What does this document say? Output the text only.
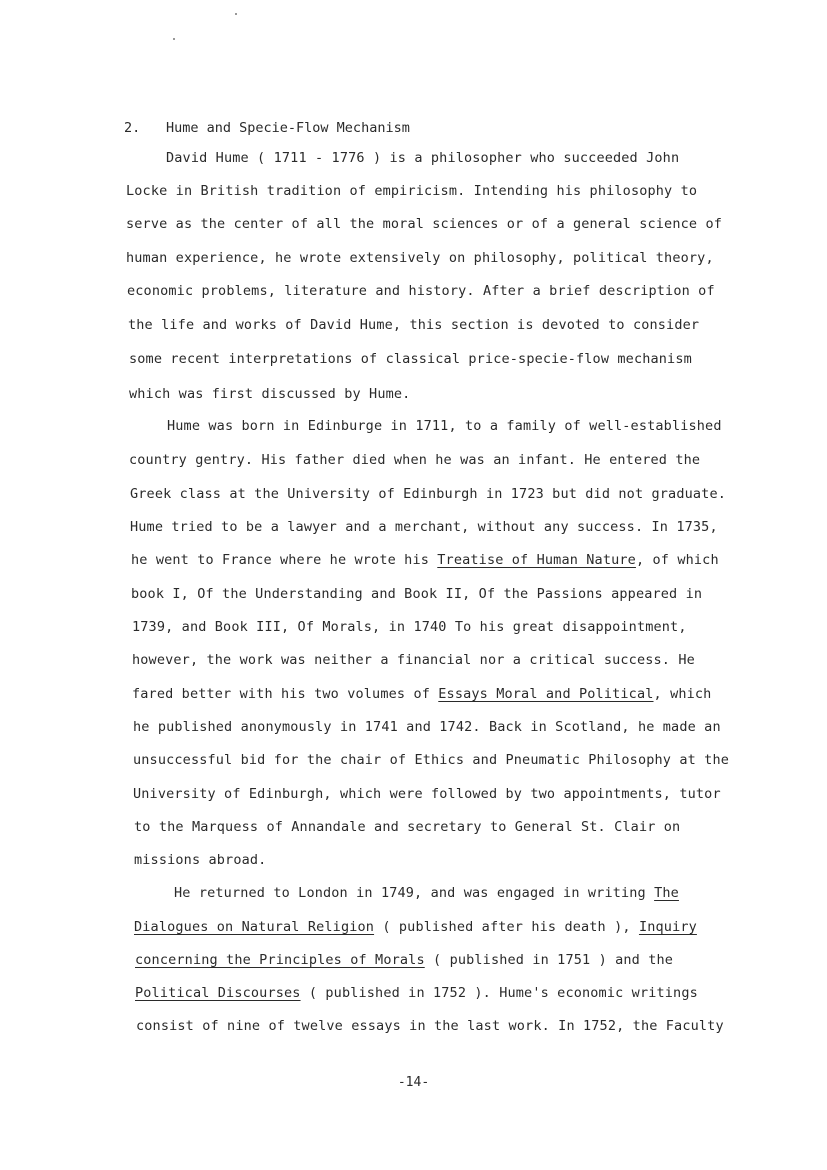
2. Hume and Specie-Flow Mechanism
David Hume ( 1711 - 1776 ) is a philosopher who succeeded John
Locke in British tradition of empiricism. Intending his philosophy to
serve as the center of all the moral sciences or of a general science of
human experience, he wrote extensively on philosophy, political theory,
economic problems, literature and history. After a brief description of
the life and works of David Hume, this section is devoted to consider
some recent interpretations of classical price-specie-flow mechanism
which was first discussed by Hume.
Hume was born in Edinburge in 1711, to a family of well-established
country gentry. His father died when he was an infant. He entered the
Greek class at the University of Edinburgh in 1723 but did not graduate.
Hume tried to be a lawyer and a merchant, without any success. In 1735,
he went to France where he wrote his Treatise of Human Nature, of which
book I, Of the Understanding and Book II, Of the Passions appeared in
1739, and Book III, Of Morals, in 1740 To his great disappointment,
however, the work was neither a financial nor a critical success. He
fared better with his two volumes of Essays Moral and Political, which
he published anonymously in 1741 and 1742. Back in Scotland, he made an
unsuccessful bid for the chair of Ethics and Pneumatic Philosophy at the
University of Edinburgh, which were followed by two appointments, tutor
to the Marquess of Annandale and secretary to General St. Clair on
missions abroad.
He returned to London in 1749, and was engaged in writing The
Dialogues on Natural Religion ( published after his death ), Inquiry
concerning the Principles of Morals ( published in 1751 ) and the
Political Discourses ( published in 1752 ). Hume's economic writings
consist of nine of twelve essays in the last work. In 1752, the Faculty
-14-
